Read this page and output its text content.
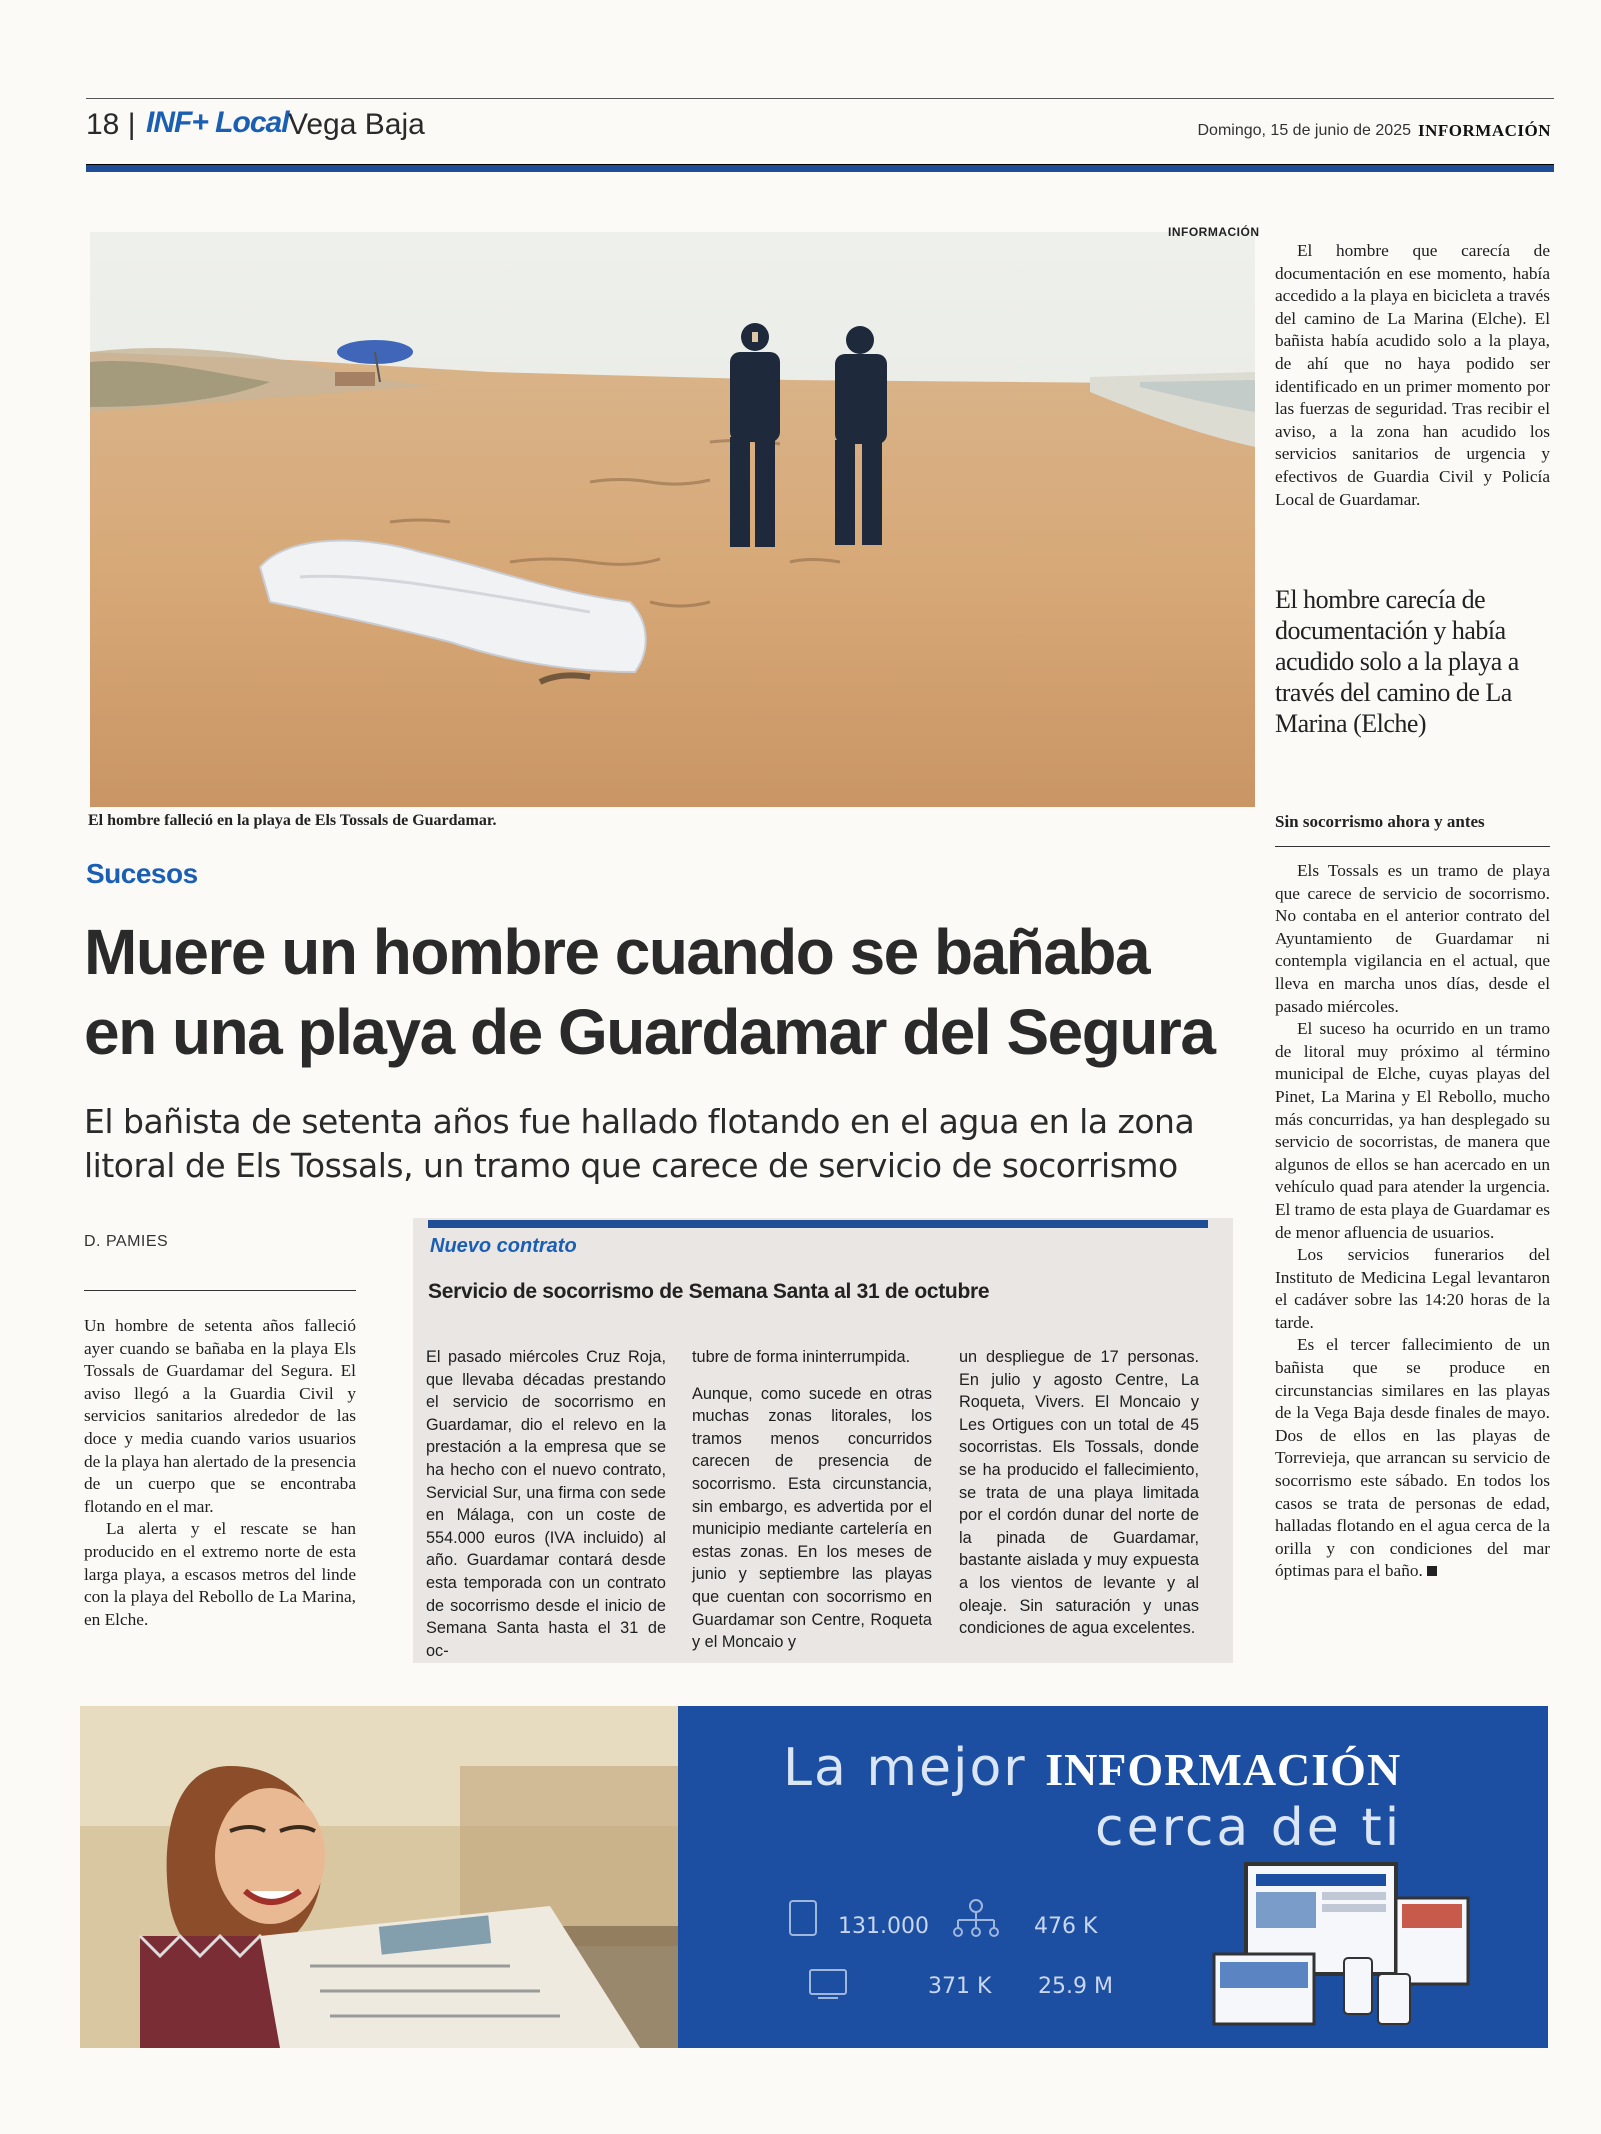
18 | INF+ Local Vega Baja	Domingo, 15 de junio de 2025 INFORMACIÓN
INFORMACIÓN
El hombre falleció en la playa de Els Tossals de Guardamar.
Sucesos
Muere un hombre cuando se bañaba
en una playa de Guardamar del Segura
El bañista de setenta años fue hallado flotando en el agua en la zona
litoral de Els Tossals, un tramo que carece de servicio de socorrismo
D. PAMIES

Un hombre de setenta años falleció ayer cuando se bañaba en la playa Els Tossals de Guardamar del Segura. El aviso llegó a la Guardia Civil y servicios sanitarios alrededor de las doce y media cuando varios usuarios de la playa han alertado de la presencia de un cuerpo que se encontraba flotando en el mar.

La alerta y el rescate se han producido en el extremo norte de esta larga playa, a escasos metros del linde con la playa del Rebollo de La Marina, en Elche.

Nuevo contrato
Servicio de socorrismo de Semana Santa al 31 de octubre

El pasado miércoles Cruz Roja, que llevaba décadas prestando el servicio de socorrismo en Guardamar, dio el relevo en la prestación a la empresa que se ha hecho con el nuevo contrato, Servicial Sur, una firma con sede en Málaga, con un coste de 554.000 euros (IVA incluido) al año. Guardamar contará desde esta temporada con un contrato de socorrismo desde el inicio de Semana Santa hasta el 31 de oc-

tubre de forma ininterrumpida.

Aunque, como sucede en otras muchas zonas litorales, los tramos menos concurridos carecen de presencia de socorrismo. Esta circunstancia, sin embargo, es advertida por el municipio mediante cartelería en estas zonas. En los meses de junio y septiembre las playas que cuentan con socorrismo en Guardamar son Centre, Roqueta y el Moncaio y

un despliegue de 17 personas. En julio y agosto Centre, La Roqueta, Vivers. El Moncaio y Les Ortigues con un total de 45 socorristas. Els Tossals, donde se ha producido el fallecimiento, se trata de una playa limitada por el cordón dunar del norte de la pinada de Guardamar, bastante aislada y muy expuesta a los vientos de levante y al oleaje. Sin saturación y unas condiciones de agua excelentes.

El hombre que carecía de documentación en ese momento, había accedido a la playa en bicicleta a través del camino de La Marina (Elche). El bañista había acudido solo a la playa, de ahí que no haya podido ser identificado en un primer momento por las fuerzas de seguridad. Tras recibir el aviso, a la zona han acudido los servicios sanitarios de urgencia y efectivos de Guardia Civil y Policía Local de Guardamar.

El hombre carecía de documentación y había acudido solo a la playa a través del camino de La Marina (Elche)
Sin socorrismo ahora y antes

Els Tossals es un tramo de playa que carece de servicio de socorrismo. No contaba en el anterior contrato del Ayuntamiento de Guardamar ni contempla vigilancia en el actual, que lleva en marcha unos días, desde el pasado miércoles.

El suceso ha ocurrido en un tramo de litoral muy próximo al término municipal de Elche, cuyas playas del Pinet, La Marina y El Rebollo, mucho más concurridas, ya han desplegado su servicio de socorristas, de manera que algunos de ellos se han acercado en un vehículo quad para atender la urgencia. El tramo de esta playa de Guardamar es de menor afluencia de usuarios.

Los servicios funerarios del Instituto de Medicina Legal levantaron el cadáver sobre las 14:20 horas de la tarde.

Es el tercer fallecimiento de un bañista que se produce en circunstancias similares en las playas de la Vega Baja desde finales de mayo. Dos de ellos en las playas de Torrevieja, que arrancan su servicio de socorrismo este sábado. En todos los casos se trata de personas de edad, halladas flotando en el agua cerca de la orilla y con condiciones del mar óptimas para el baño.

131.000	476 K
371 K 25.9 M
La mejor INFORMACIÓN
cerca de ti
